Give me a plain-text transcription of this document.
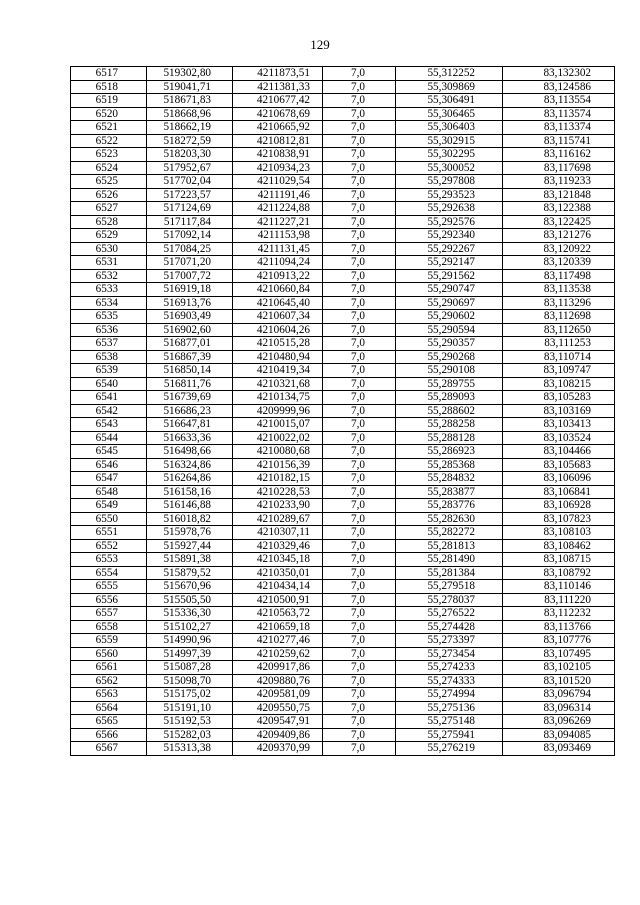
129
6517	519302,80	4211873,51	7,0	55,312252	83,132302
6518	519041,71	4211381,33	7,0	55,309869	83,124586
6519	518671,83	4210677,42	7,0	55,306491	83,113554
6520	518668,96	4210678,69	7,0	55,306465	83,113574
6521	518662,19	4210665,92	7,0	55,306403	83,113374
6522	518272,59	4210812,81	7,0	55,302915	83,115741
6523	518203,30	4210838,91	7,0	55,302295	83,116162
6524	517952,67	4210934,23	7,0	55,300052	83,117698
6525	517702,04	4211029,54	7,0	55,297808	83,119233
6526	517223,57	4211191,46	7,0	55,293523	83,121848
6527	517124,69	4211224,88	7,0	55,292638	83,122388
6528	517117,84	4211227,21	7,0	55,292576	83,122425
6529	517092,14	4211153,98	7,0	55,292340	83,121276
6530	517084,25	4211131,45	7,0	55,292267	83,120922
6531	517071,20	4211094,24	7,0	55,292147	83,120339
6532	517007,72	4210913,22	7,0	55,291562	83,117498
6533	516919,18	4210660,84	7,0	55,290747	83,113538
6534	516913,76	4210645,40	7,0	55,290697	83,113296
6535	516903,49	4210607,34	7,0	55,290602	83,112698
6536	516902,60	4210604,26	7,0	55,290594	83,112650
6537	516877,01	4210515,28	7,0	55,290357	83,111253
6538	516867,39	4210480,94	7,0	55,290268	83,110714
6539	516850,14	4210419,34	7,0	55,290108	83,109747
6540	516811,76	4210321,68	7,0	55,289755	83,108215
6541	516739,69	4210134,75	7,0	55,289093	83,105283
6542	516686,23	4209999,96	7,0	55,288602	83,103169
6543	516647,81	4210015,07	7,0	55,288258	83,103413
6544	516633,36	4210022,02	7,0	55,288128	83,103524
6545	516498,66	4210080,68	7,0	55,286923	83,104466
6546	516324,86	4210156,39	7,0	55,285368	83,105683
6547	516264,86	4210182,15	7,0	55,284832	83,106096
6548	516158,16	4210228,53	7,0	55,283877	83,106841
6549	516146,88	4210233,90	7,0	55,283776	83,106928
6550	516018,82	4210289,67	7,0	55,282630	83,107823
6551	515978,76	4210307,11	7,0	55,282272	83,108103
6552	515927,44	4210329,46	7,0	55,281813	83,108462
6553	515891,38	4210345,18	7,0	55,281490	83,108715
6554	515879,52	4210350,01	7,0	55,281384	83,108792
6555	515670,96	4210434,14	7,0	55,279518	83,110146
6556	515505,50	4210500,91	7,0	55,278037	83,111220
6557	515336,30	4210563,72	7,0	55,276522	83,112232
6558	515102,27	4210659,18	7,0	55,274428	83,113766
6559	514990,96	4210277,46	7,0	55,273397	83,107776
6560	514997,39	4210259,62	7,0	55,273454	83,107495
6561	515087,28	4209917,86	7,0	55,274233	83,102105
6562	515098,70	4209880,76	7,0	55,274333	83,101520
6563	515175,02	4209581,09	7,0	55,274994	83,096794
6564	515191,10	4209550,75	7,0	55,275136	83,096314
6565	515192,53	4209547,91	7,0	55,275148	83,096269
6566	515282,03	4209409,86	7,0	55,275941	83,094085
6567	515313,38	4209370,99	7,0	55,276219	83,093469
